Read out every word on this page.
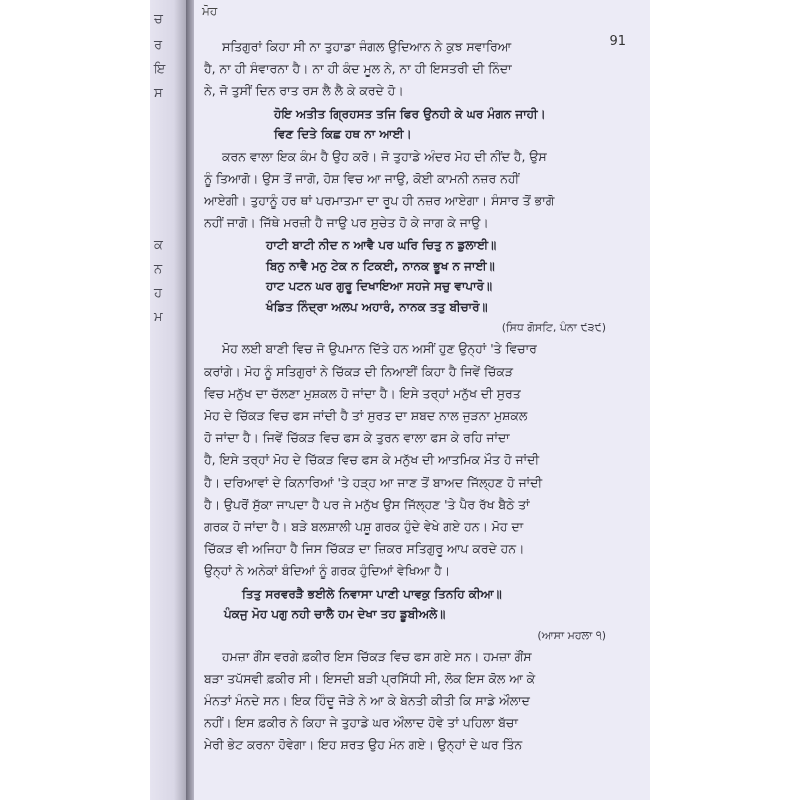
ਚ
ਰ
ਇ
ਸ
ਕ
ਨ
ਹ
ਮ
ਮੋਹ
91

ਸਤਿਗੁਰਾਂ ਕਿਹਾ ਸੀ ਨਾ ਤੁਹਾਡਾ ਜੰਗਲ ਉਦਿਆਨ ਨੇ ਕੁਝ ਸਵਾਰਿਆ

ਹੈ, ਨਾ ਹੀ ਸੰਵਾਰਨਾ ਹੈ। ਨਾ ਹੀ ਕੰਦ ਮੂਲ ਨੇ, ਨਾ ਹੀ ਇਸਤਰੀ ਦੀ ਨਿੰਦਾ

ਨੇ, ਜੋ ਤੁਸੀਂ ਦਿਨ ਰਾਤ ਰਸ ਲੈ ਲੈ ਕੇ ਕਰਦੇ ਹੋ।

ਹੋਇ ਅਤੀਤ ਗ੍ਰਿਹਸਤ ਤਜਿ ਫਿਰ ਉਨਹੀ ਕੇ ਘਰ ਮੰਗਨ ਜਾਹੀ।

ਵਿਣ ਦਿਤੇ ਕਿਛ ਹਥ ਨਾ ਆਈ।

ਕਰਨ ਵਾਲਾ ਇਕ ਕੰਮ ਹੈ ਉਹ ਕਰੋ। ਜੋ ਤੁਹਾਡੇ ਅੰਦਰ ਮੋਹ ਦੀ ਨੀਂਦ ਹੈ, ਉਸ

ਨੂੰ ਤਿਆਗੋ। ਉਸ ਤੋਂ ਜਾਗੋ, ਹੋਸ਼ ਵਿਚ ਆ ਜਾਉ, ਕੋਈ ਕਾਮਨੀ ਨਜ਼ਰ ਨਹੀਂ

ਆਏਗੀ। ਤੁਹਾਨੂੰ ਹਰ ਥਾਂ ਪਰਮਾਤਮਾ ਦਾ ਰੂਪ ਹੀ ਨਜ਼ਰ ਆਏਗਾ। ਸੰਸਾਰ ਤੋਂ ਭਾਗੋ

ਨਹੀਂ ਜਾਗੋ। ਜਿੱਥੇ ਮਰਜ਼ੀ ਹੈ ਜਾਉ ਪਰ ਸੁਚੇਤ ਹੋ ਕੇ ਜਾਗ ਕੇ ਜਾਉ।

ਹਾਟੀ ਬਾਟੀ ਨੀਦ ਨ ਆਵੈ ਪਰ ਘਰਿ ਚਿਤੁ ਨ ਡੁਲਾਈ॥

ਬਿਨੁ ਨਾਵੈ ਮਨੁ ਟੇਕ ਨ ਟਿਕਈ, ਨਾਨਕ ਭੂਖ ਨ ਜਾਈ॥

ਹਾਟ ਪਟਨ ਘਰ ਗੁਰੂ ਦਿਖਾਇਆ ਸਹਜੇ ਸਚੁ ਵਾਪਾਰੋ॥

ਖੰਡਿਤ ਨਿੰਦ੍ਰਾ ਅਲਪ ਅਹਾਰੰ, ਨਾਨਕ ਤਤੁ ਬੀਚਾਰੋ॥

(ਸਿਧ ਗੋਸਟਿ, ਪੰਨਾ ੯੩੯)

ਮੋਹ ਲਈ ਬਾਣੀ ਵਿਚ ਜੋ ਉਪਮਾਨ ਦਿੱਤੇ ਹਨ ਅਸੀਂ ਹੁਣ ਉਨ੍ਹਾਂ 'ਤੇ ਵਿਚਾਰ

ਕਰਾਂਗੇ। ਮੋਹ ਨੂੰ ਸਤਿਗੁਰਾਂ ਨੇ ਚਿੱਕੜ ਦੀ ਨਿਆਈਂ ਕਿਹਾ ਹੈ ਜਿਵੇਂ ਚਿੱਕੜ

ਵਿਚ ਮਨੁੱਖ ਦਾ ਚੱਲਣਾ ਮੁਸ਼ਕਲ ਹੋ ਜਾਂਦਾ ਹੈ। ਇਸੇ ਤਰ੍ਹਾਂ ਮਨੁੱਖ ਦੀ ਸੁਰਤ

ਮੋਹ ਦੇ ਚਿੱਕੜ ਵਿਚ ਫਸ ਜਾਂਦੀ ਹੈ ਤਾਂ ਸੁਰਤ ਦਾ ਸ਼ਬਦ ਨਾਲ ਜੁੜਨਾ ਮੁਸ਼ਕਲ

ਹੋ ਜਾਂਦਾ ਹੈ। ਜਿਵੇਂ ਚਿੱਕੜ ਵਿਚ ਫਸ ਕੇ ਤੁਰਨ ਵਾਲਾ ਫਸ ਕੇ ਰਹਿ ਜਾਂਦਾ

ਹੈ, ਇਸੇ ਤਰ੍ਹਾਂ ਮੋਹ ਦੇ ਚਿੱਕੜ ਵਿਚ ਫਸ ਕੇ ਮਨੁੱਖ ਦੀ ਆਤਮਿਕ ਮੌਤ ਹੋ ਜਾਂਦੀ

ਹੈ। ਦਰਿਆਵਾਂ ਦੇ ਕਿਨਾਰਿਆਂ 'ਤੇ ਹੜ੍ਹ ਆ ਜਾਣ ਤੋਂ ਬਾਅਦ ਜਿੱਲ੍ਹਣ ਹੋ ਜਾਂਦੀ

ਹੈ। ਉਪਰੋਂ ਸੁੱਕਾ ਜਾਪਦਾ ਹੈ ਪਰ ਜੇ ਮਨੁੱਖ ਉਸ ਜਿੱਲ੍ਹਣ 'ਤੇ ਪੈਰ ਰੱਖ ਬੈਠੇ ਤਾਂ

ਗਰਕ ਹੋ ਜਾਂਦਾ ਹੈ। ਬੜੇ ਬਲਸ਼ਾਲੀ ਪਸ਼ੂ ਗਰਕ ਹੁੰਦੇ ਵੇਖੇ ਗਏ ਹਨ। ਮੋਹ ਦਾ

ਚਿੱਕੜ ਵੀ ਅਜਿਹਾ ਹੈ ਜਿਸ ਚਿੱਕੜ ਦਾ ਜ਼ਿਕਰ ਸਤਿਗੁਰੂ ਆਪ ਕਰਦੇ ਹਨ।

ਉਨ੍ਹਾਂ ਨੇ ਅਨੇਕਾਂ ਬੰਦਿਆਂ ਨੂੰ ਗਰਕ ਹੁੰਦਿਆਂ ਵੇਖਿਆ ਹੈ।

ਤਿਤੁ ਸਰਵਰੜੈ ਭਈਲੇ ਨਿਵਾਸਾ ਪਾਣੀ ਪਾਵਕੁ ਤਿਨਹਿ ਕੀਆ॥

ਪੰਕਜੁ ਮੋਹ ਪਗੁ ਨਹੀ ਚਾਲੈ ਹਮ ਦੇਖਾ ਤਹ ਡੂਬੀਅਲੇ॥

(ਆਸਾ ਮਹਲਾ ੧)

ਹਮਜ਼ਾ ਗੌਂਸ ਵਰਗੇ ਫ਼ਕੀਰ ਇਸ ਚਿੱਕੜ ਵਿਚ ਫਸ ਗਏ ਸਨ। ਹਮਜ਼ਾ ਗੌਂਸ

ਬੜਾ ਤਪੱਸਵੀ ਫ਼ਕੀਰ ਸੀ। ਇਸਦੀ ਬੜੀ ਪ੍ਰਸਿੱਧੀ ਸੀ, ਲੋਕ ਇਸ ਕੋਲ ਆ ਕੇ

ਮੰਨਤਾਂ ਮੰਨਦੇ ਸਨ। ਇਕ ਹਿੰਦੂ ਜੋੜੇ ਨੇ ਆ ਕੇ ਬੇਨਤੀ ਕੀਤੀ ਕਿ ਸਾਡੇ ਔਲਾਦ

ਨਹੀਂ। ਇਸ ਫ਼ਕੀਰ ਨੇ ਕਿਹਾ ਜੇ ਤੁਹਾਡੇ ਘਰ ਔਲਾਦ ਹੋਵੇ ਤਾਂ ਪਹਿਲਾ ਬੱਚਾ

ਮੇਰੀ ਭੇਟ ਕਰਨਾ ਹੋਵੇਗਾ। ਇਹ ਸ਼ਰਤ ਉਹ ਮੰਨ ਗਏ। ਉਨ੍ਹਾਂ ਦੇ ਘਰ ਤਿੰਨ
